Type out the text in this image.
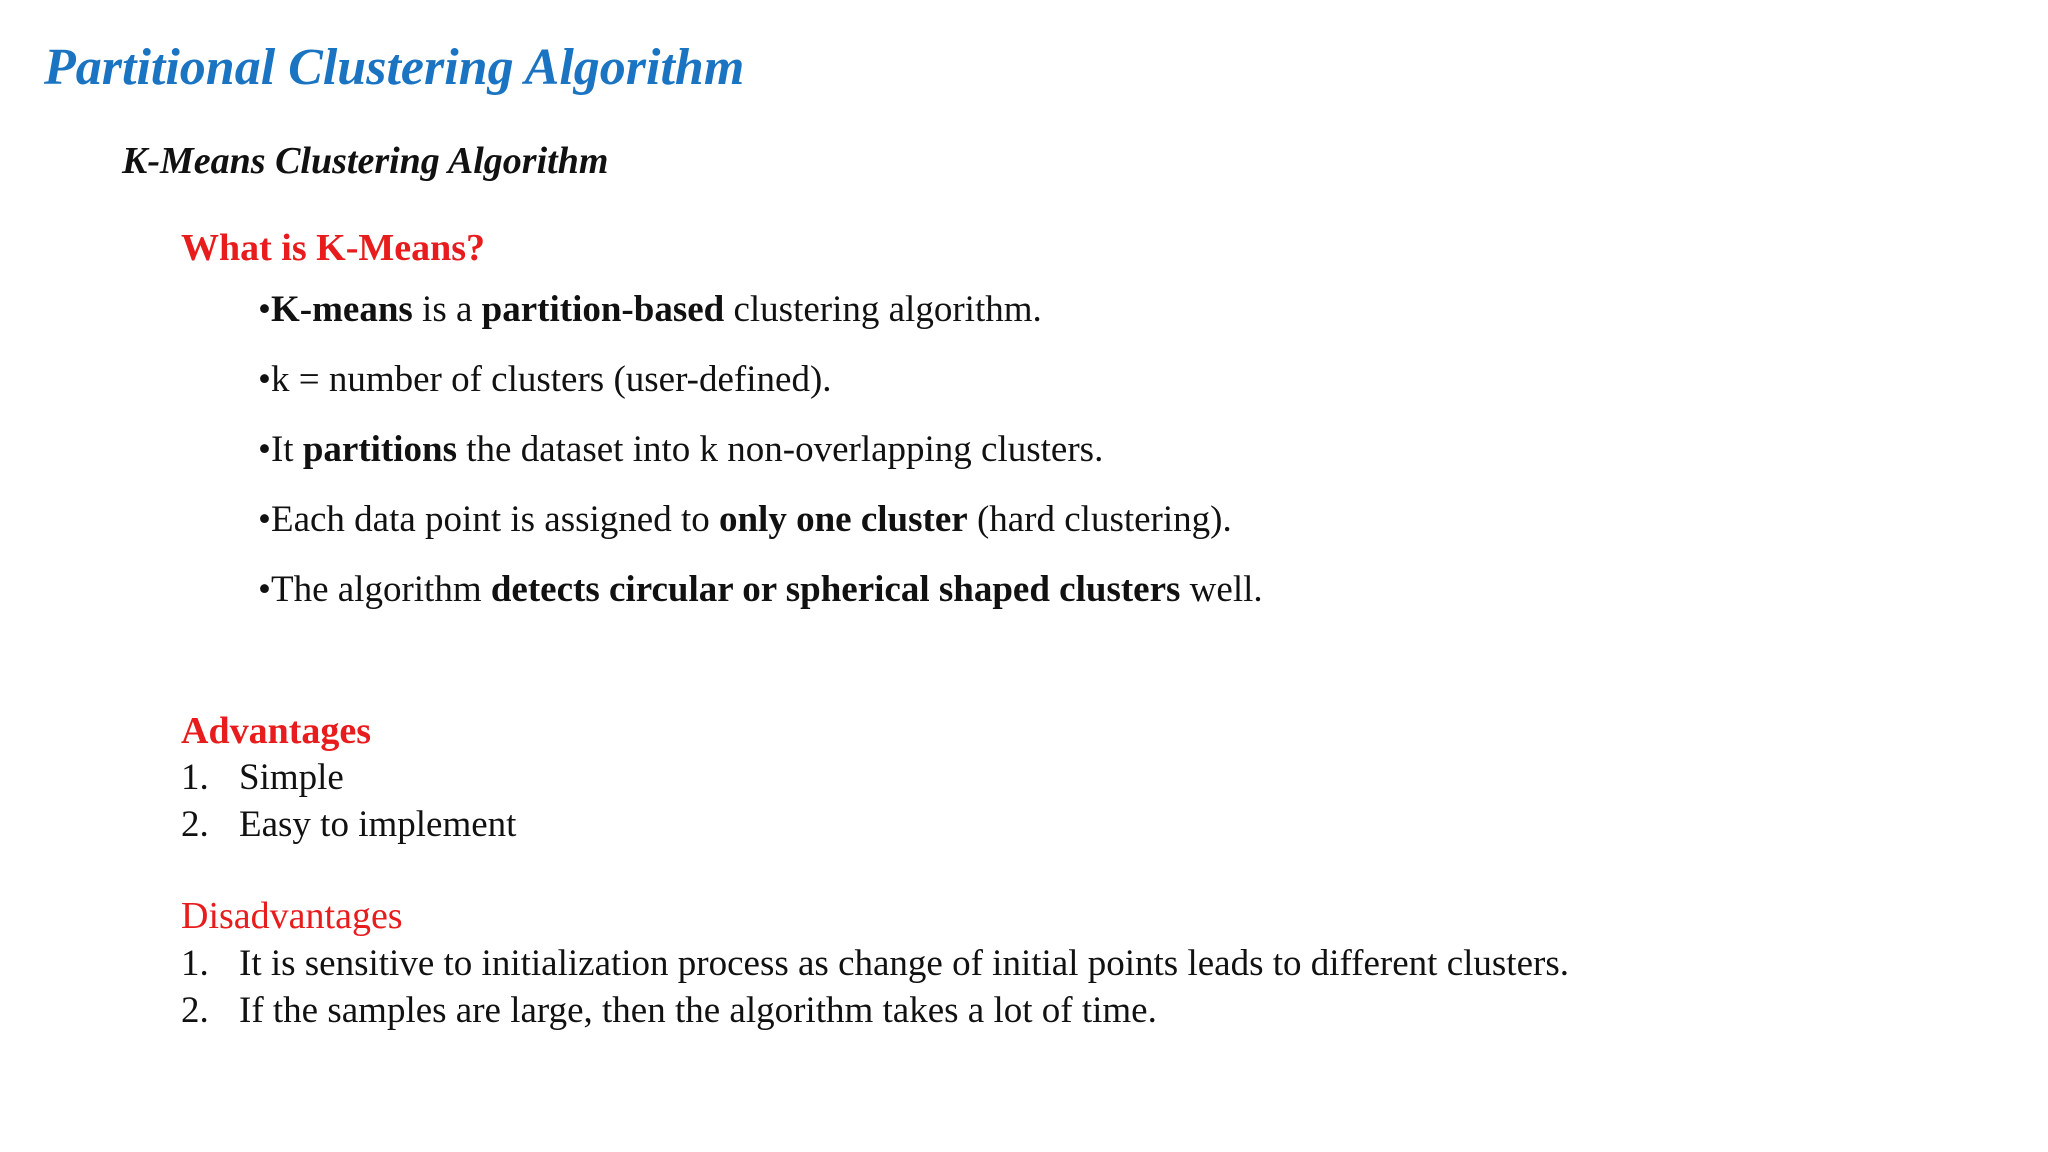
Partitional Clustering Algorithm
K-Means Clustering Algorithm
What is K-Means?
•K-means is a partition-based clustering algorithm.
•k = number of clusters (user-defined).
•It partitions the dataset into k non-overlapping clusters.
•Each data point is assigned to only one cluster (hard clustering).
•The algorithm detects circular or spherical shaped clusters well.
Advantages
1. Simple
2. Easy to implement
Disadvantages
1. It is sensitive to initialization process as change of initial points leads to different clusters.
2. If the samples are large, then the algorithm takes a lot of time.
